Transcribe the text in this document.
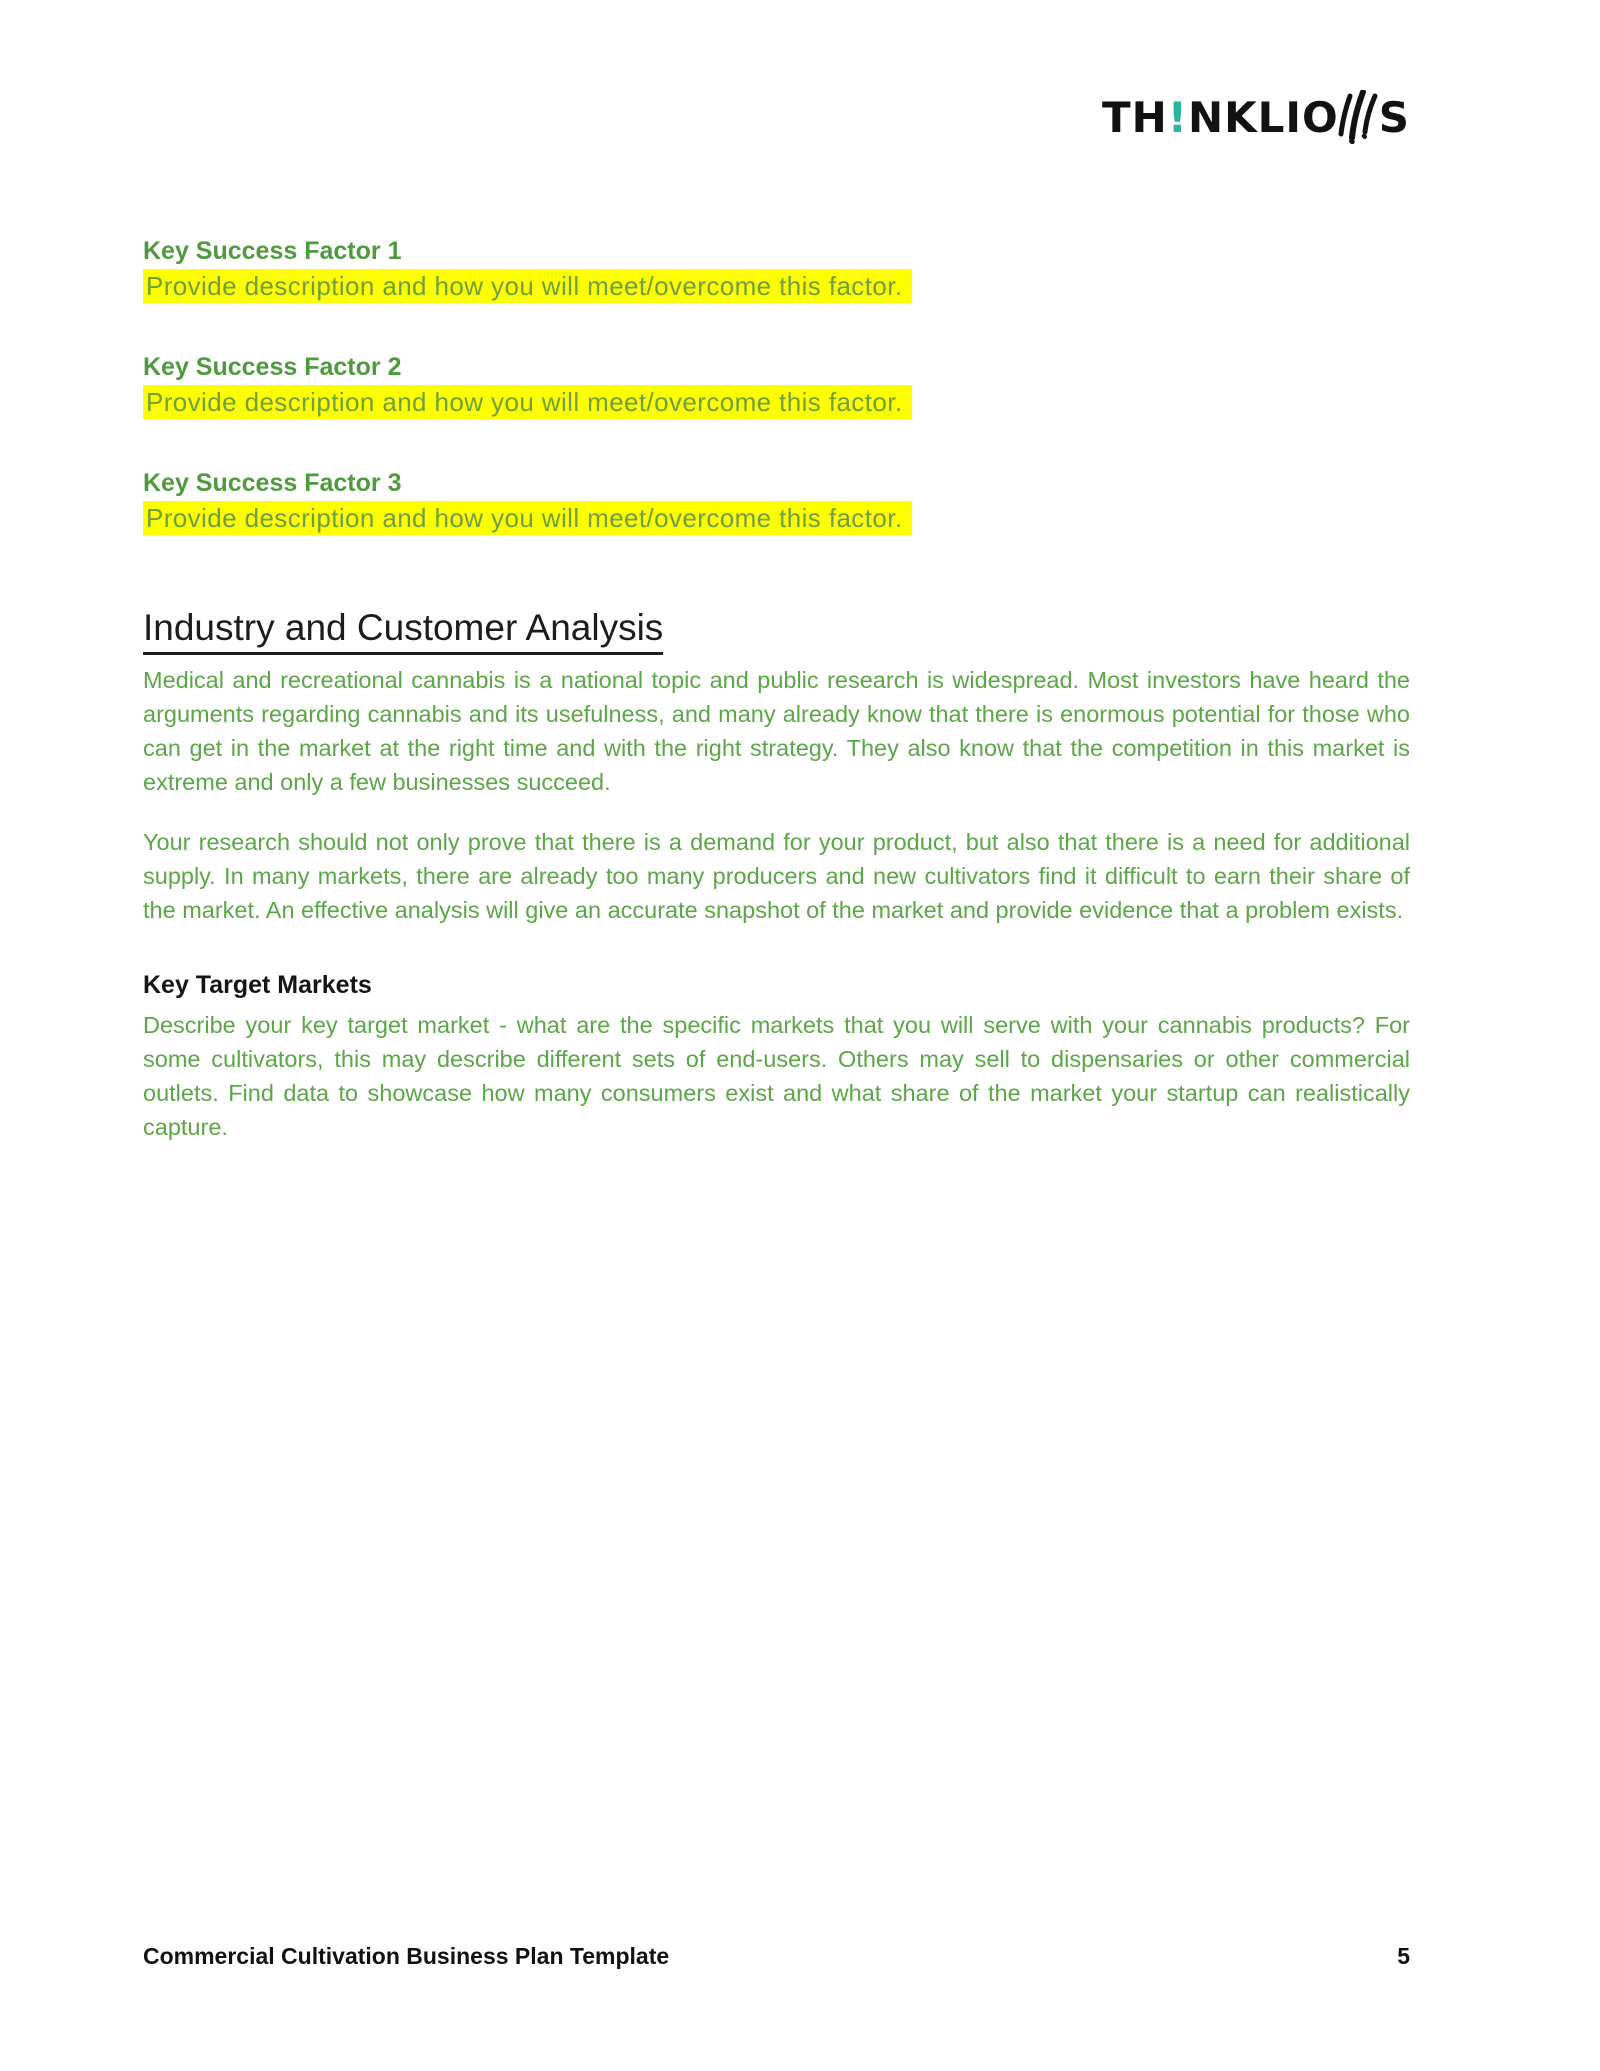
TH ! NKLIO S
Key Success Factor 1
Provide description and how you will meet/overcome this factor.
Key Success Factor 2
Provide description and how you will meet/overcome this factor.
Key Success Factor 3
Provide description and how you will meet/overcome this factor.
Industry and Customer Analysis

Medical and recreational cannabis is a national topic and public research is widespread. Most investors have heard the arguments regarding cannabis and its usefulness, and many already know that there is enormous potential for those who can get in the market at the right time and with the right strategy. They also know that the competition in this market is extreme and only a few businesses succeed.

Your research should not only prove that there is a demand for your product, but also that there is a need for additional supply. In many markets, there are already too many producers and new cultivators find it difficult to earn their share of the market. An effective analysis will give an accurate snapshot of the market and provide evidence that a problem exists.

Key Target Markets

Describe your key target market - what are the specific markets that you will serve with your cannabis products? For some cultivators, this may describe different sets of end-users. Others may sell to dispensaries or other commercial outlets. Find data to showcase how many consumers exist and what share of the market your startup can realistically capture.

Commercial Cultivation Business Plan Template	5
